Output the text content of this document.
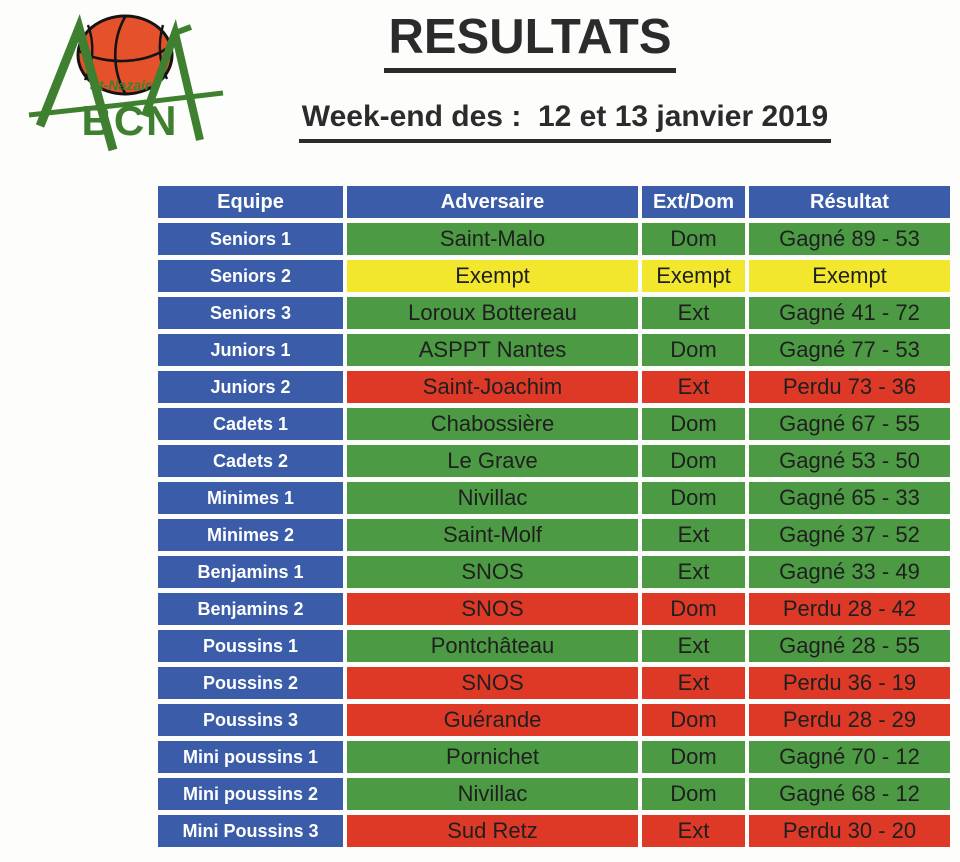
St-Nazaire
BCN
RESULTATS
Week-end des :  12 et 13 janvier 2019
Equipe	Adversaire	Ext/Dom	Résultat
Seniors 1	Saint-Malo	Dom	Gagné 89 - 53
Seniors 2	Exempt	Exempt	Exempt
Seniors 3	Loroux Bottereau	Ext	Gagné 41 - 72
Juniors 1	ASPPT Nantes	Dom	Gagné 77 - 53
Juniors 2	Saint-Joachim	Ext	Perdu 73 - 36
Cadets 1	Chabossière	Dom	Gagné 67 - 55
Cadets 2	Le Grave	Dom	Gagné 53 - 50
Minimes 1	Nivillac	Dom	Gagné 65 - 33
Minimes 2	Saint-Molf	Ext	Gagné 37 - 52
Benjamins 1	SNOS	Ext	Gagné 33 - 49
Benjamins 2	SNOS	Dom	Perdu 28 - 42
Poussins 1	Pontchâteau	Ext	Gagné 28 - 55
Poussins 2	SNOS	Ext	Perdu 36 - 19
Poussins 3	Guérande	Dom	Perdu 28 - 29
Mini poussins 1	Pornichet	Dom	Gagné 70 - 12
Mini poussins 2	Nivillac	Dom	Gagné 68 - 12
Mini Poussins 3	Sud Retz	Ext	Perdu 30 - 20
